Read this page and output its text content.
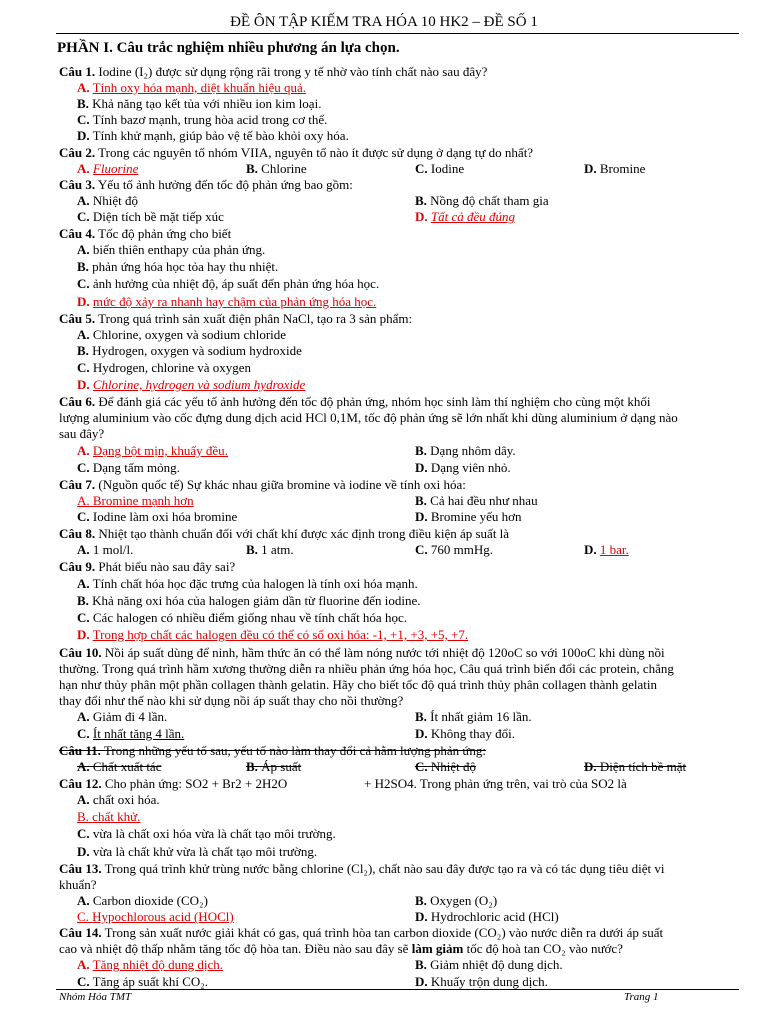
ĐỀ ÔN TẬP KIẾM TRA HÓA 10 HK2 – ĐỀ SỐ 1
PHẦN I. Câu trắc nghiệm nhiều phương án lựa chọn.
Câu 1. Iodine (I₂) được sử dụng rộng rãi trong y tế nhờ vào tính chất nào sau đây?
A. Tính oxy hóa mạnh, diệt khuẩn hiệu quả.
B. Khả năng tạo kết tủa với nhiều ion kim loại.
C. Tính bazơ mạnh, trung hòa acid trong cơ thể.
D. Tính khử mạnh, giúp bảo vệ tế bào khỏi oxy hóa.
Câu 2. Trong các nguyên tố nhóm VIIA, nguyên tố nào ít được sử dụng ở dạng tự do nhất?
A. Fluorine	B. Chlorine	C. Iodine	D. Bromine
Câu 3. Yếu tố ảnh hưởng đến tốc độ phản ứng bao gồm:
A. Nhiệt độ	B. Nồng độ chất tham gia
C. Diện tích bề mặt tiếp xúc	D. Tất cả đều đúng
Câu 4. Tốc độ phản ứng cho biết
A. biến thiên enthapy của phản ứng.
B. phản ứng hóa học tỏa hay thu nhiệt.
C. ảnh hưởng của nhiệt độ, áp suất đến phản ứng hóa học.
D. mức độ xảy ra nhanh hay chậm của phản ứng hóa học.
Câu 5. Trong quá trình sản xuất điện phân NaCl, tạo ra 3 sản phẩm:
A. Chlorine, oxygen và sodium chloride
B. Hydrogen, oxygen và sodium hydroxide
C. Hydrogen, chlorine và oxygen
D. Chlorine, hydrogen và sodium hydroxide
Câu 6. Để đánh giá các yếu tố ảnh hưởng đến tốc độ phản ứng, nhóm học sinh làm thí nghiệm cho cùng một khối
lượng aluminium vào cốc đựng dung dịch acid HCl 0,1M, tốc độ phản ứng sẽ lớn nhất khi dùng aluminium ở dạng nào
sau đây?
A. Dạng bột mịn, khuấy đều.	B. Dạng nhôm dây.
C. Dạng tấm mỏng.	D. Dạng viên nhỏ.
Câu 7. (Nguồn quốc tế) Sự khác nhau giữa bromine và iodine về tính oxi hóa:
A. Bromine mạnh hơn	B. Cả hai đều như nhau
C. Iodine làm oxi hóa bromine	D. Bromine yếu hơn
Câu 8. Nhiệt tạo thành chuẩn đối với chất khí được xác định trong điều kiện áp suất là
A. 1 mol/l.	B. 1 atm.	C. 760 mmHg.	D. 1 bar.
Câu 9. Phát biểu nào sau đây sai?
A. Tính chất hóa học đặc trưng của halogen là tính oxi hóa mạnh.
B. Khả năng oxi hóa của halogen giảm dần từ fluorine đến iodine.
C. Các halogen có nhiều điểm giống nhau về tính chất hóa học.
D. Trong hợp chất các halogen đều có thể có số oxi hóa: -1, +1, +3, +5, +7.
Câu 10. Nồi áp suất dùng để ninh, hầm thức ăn có thể làm nóng nước tới nhiệt độ 120oC so với 100oC khi dùng nồi
thường. Trong quá trình hầm xương thường diễn ra nhiều phản ứng hóa học, Câu quá trình biến đổi các protein, chẳng
hạn như thủy phân một phần collagen thành gelatin. Hãy cho biết tốc độ quá trình thủy phân collagen thành gelatin
thay đổi như thế nào khi sử dụng nồi áp suất thay cho nồi thường?
A. Giảm đi 4 lần.	B. Ít nhất giảm 16 lần.
C. Ít nhất tăng 4 lần.	D. Không thay đổi.
Câu 11. Trong những yếu tố sau, yếu tố nào làm thay đổi cả hằm lượng phản ứng:
A. Chất xuất tác	B. Áp suất	C. Nhiệt độ	D. Diện tích bề mặt
Câu 12. Cho phản ứng: SO2 + Br2 + 2H2O	+ H2SO4. Trong phản ứng trên, vai trò của SO2 là
A. chất oxi hóa.
B. chất khử.
C. vừa là chất oxi hóa vừa là chất tạo môi trường.
D. vừa là chất khử vừa là chất tạo môi trường.
Câu 13. Trong quá trình khử trùng nước bằng chlorine (Cl₂), chất nào sau đây được tạo ra và có tác dụng tiêu diệt vi
khuẩn?
A. Carbon dioxide (CO₂)	B. Oxygen (O₂)
C. Hypochlorous acid (HOCl)	D. Hydrochloric acid (HCl)
Câu 14. Trong sản xuất nước giải khát có gas, quá trình hòa tan carbon dioxide (CO₂) vào nước diễn ra dưới áp suất
cao và nhiệt độ thấp nhằm tăng tốc độ hòa tan. Điều nào sau đây sẽ làm giảm tốc độ hoà tan CO₂ vào nước?
A. Tăng nhiệt độ dung dịch.	B. Giảm nhiệt độ dung dịch.
C. Tăng áp suất khí CO₂.	D. Khuấy trộn dung dịch.
Nhóm Hóa TMT	Trang 1
